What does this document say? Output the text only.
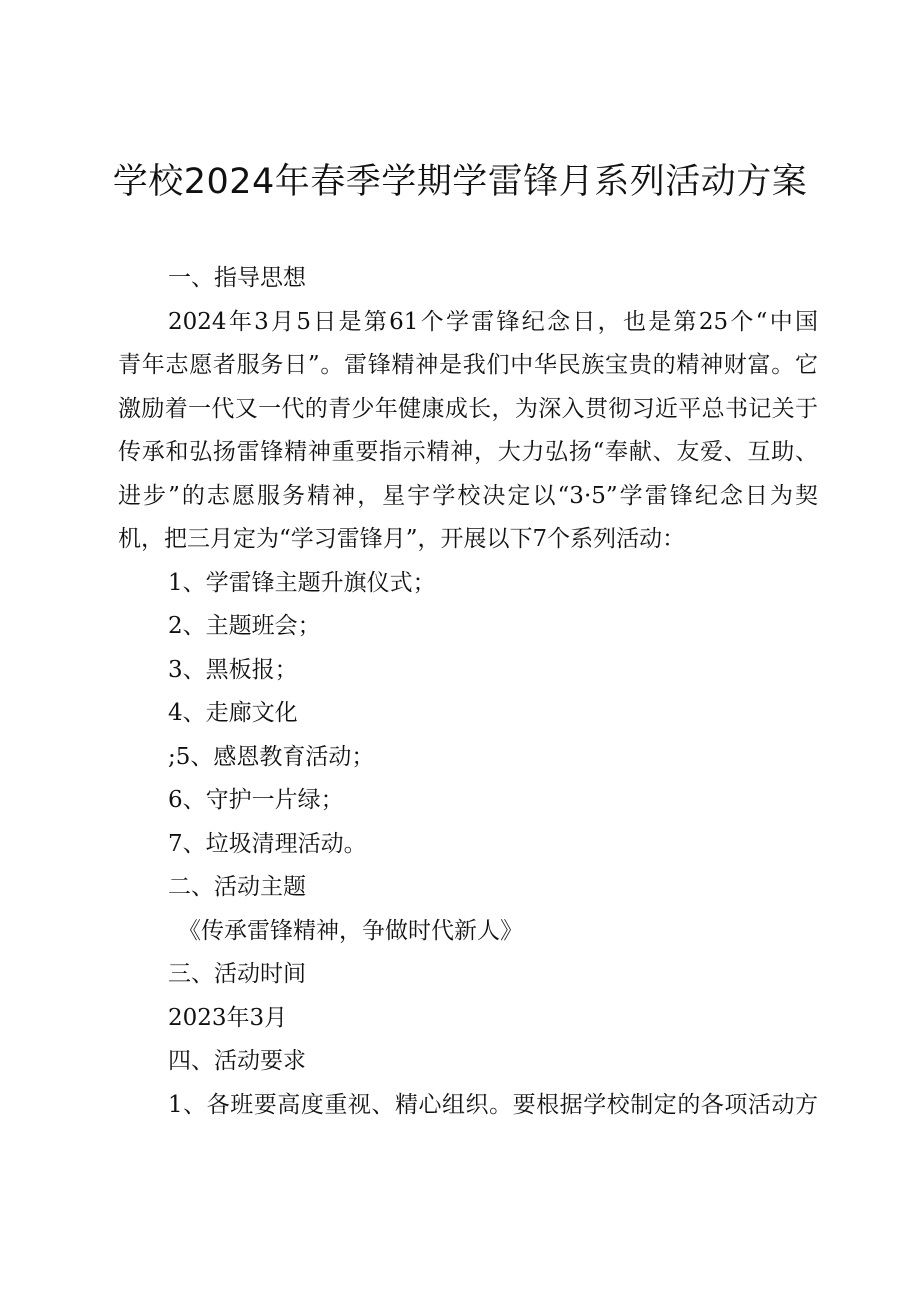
学校2024年春季学期学雷锋月系列活动方案
一、指导思想
2024年3月5日是第61个学雷锋纪念日，也是第25个“中国
青年志愿者服务日”。雷锋精神是我们中华民族宝贵的精神财富。它
激励着一代又一代的青少年健康成长，为深入贯彻习近平总书记关于
传承和弘扬雷锋精神重要指示精神，大力弘扬“奉献、友爱、互助、
进步”的志愿服务精神，星宇学校决定以“3·5”学雷锋纪念日为契
机，把三月定为“学习雷锋月”，开展以下7个系列活动：
1、学雷锋主题升旗仪式；
2、主题班会；
3、黑板报；
4、走廊文化
;5、感恩教育活动；
6、守护一片绿；
7、垃圾清理活动。
二、活动主题
《传承雷锋精神，争做时代新人》
三、活动时间
2023年3月
四、活动要求
1、各班要高度重视、精心组织。要根据学校制定的各项活动方
